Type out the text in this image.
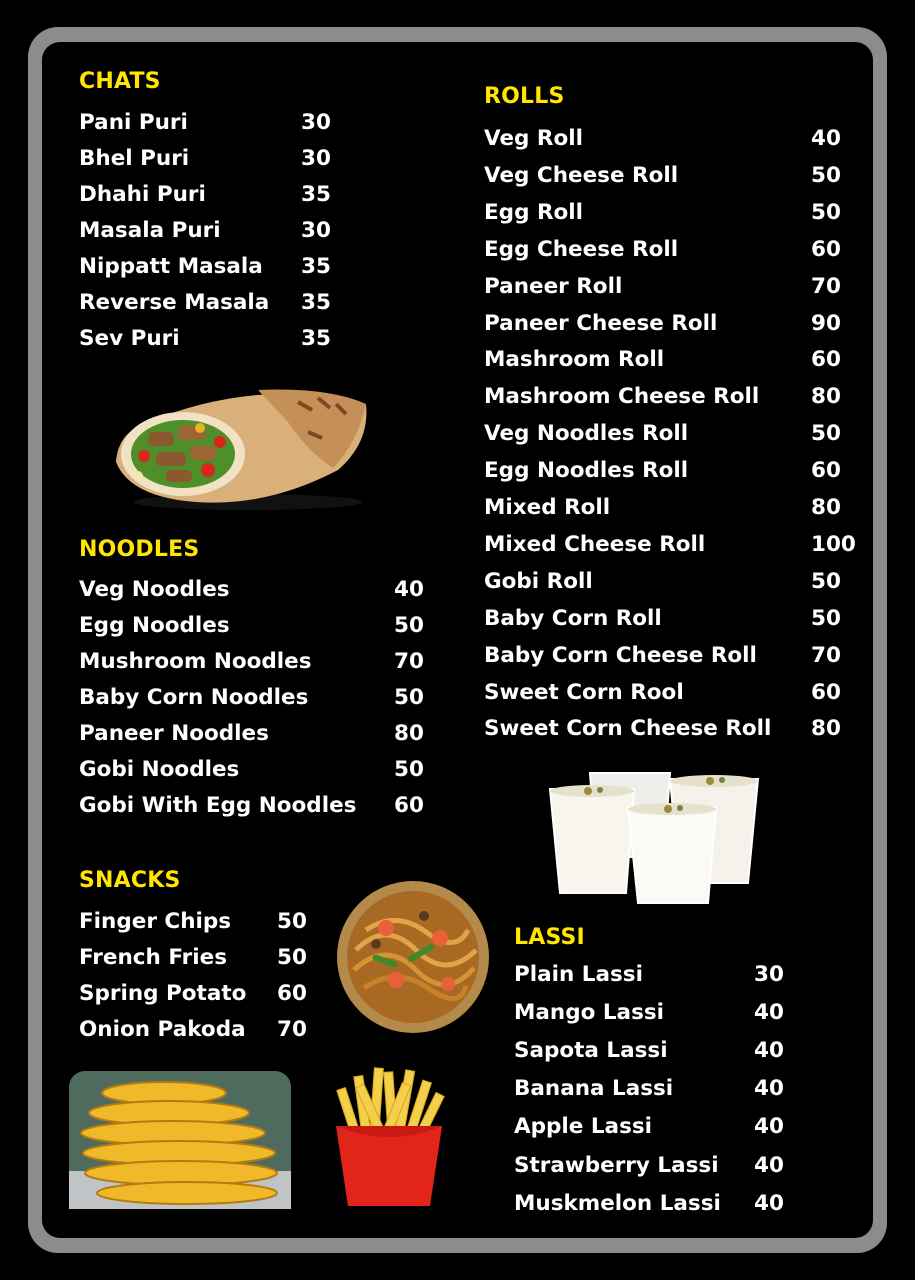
CHATS
Pani Puri	30
Bhel Puri	30
Dhahi Puri	35
Masala Puri	30
Nippatt Masala 35
Reverse Masala 35
Sev Puri	35
NOODLES
Veg Noodles	40
Egg Noodles	50
Mushroom Noodles	70
Baby Corn Noodles	50
Paneer Noodles	80
Gobi Noodles	50
Gobi With Egg Noodles 60
SNACKS
Finger Chips 50
French Fries 50
Spring Potato 60
Onion Pakoda 70
ROLLS
Veg Roll	40
Veg Cheese Roll	50
Egg Roll	50
Egg Cheese Roll	60
Paneer Roll	70
Paneer Cheese Roll	90
Mashroom Roll	60
Mashroom Cheese Roll 80
Veg Noodles Roll	50
Egg Noodles Roll	60
Mixed Roll	80
Mixed Cheese Roll	100
Gobi Roll	50
Baby Corn Roll	50
Baby Corn Cheese Roll	70
Sweet Corn Rool	60
Sweet Corn Cheese Roll 80
LASSI
Plain Lassi	30
Mango Lassi	40
Sapota Lassi	40
Banana Lassi	40
Apple Lassi	40
Strawberry Lassi 40
Muskmelon Lassi 40
